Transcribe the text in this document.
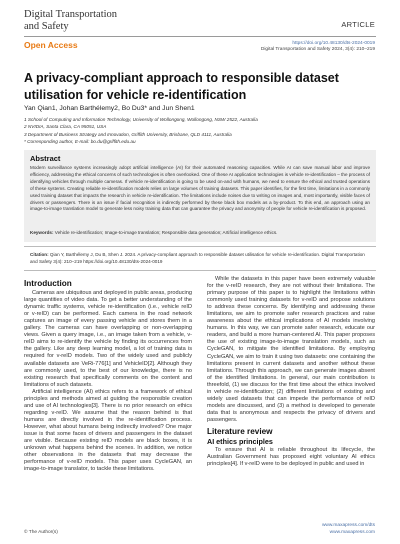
Digital Transportation
and Safety	ARTICLE
Open Access	https://doi.org/10.48130/dts-2024-0019
Digital Transportation and Safety 2024, 3(4): 210–219
A privacy-compliant approach to responsible dataset utilisation for vehicle re-identification
Yan Qian1, Johan Barthélemy2, Bo Du3* and Jun Shen1
1 School of Computing and Information Technology, University of Wollongong, Wollongong, NSW 2522, Australia
2 NVIDIA, Santa Clara, CA 95051, USA
3 Department of Business Strategy and Innovation, Griffith University, Brisbane, QLD 4111, Australia
* Corresponding author, E-mail: bo.du@griffith.edu.au
Abstract
Modern surveillance systems increasingly adopt artificial intelligence (AI) for their automated reasoning capacities. While AI can save manual labor and improve efficiency, addressing the ethical concerns of such technologies is often overlooked. One of these AI application technologies is vehicle re-identification – the process of identifying vehicles through multiple cameras. If vehicle re-identification is going to be used on-and with humans, we need to ensure the ethical and trusted operations of these systems. Creating reliable re-identification models relies on large volumes of training datasets. This paper identifies, for the first time, limitations in a commonly used training dataset that impacts the research in vehicle re-identification. The limitations include noises due to writing on images and, most importantly, visible faces of drivers or passengers. There is an issue if facial recognition is indirectly performed by these black box models as a by-product. To this end, an approach using an image-to-image translation model to generate less noisy training data that can guarantee the privacy and anonymity of people for vehicle re-identification is proposed.
Keywords: Vehicle re-identification; Image-to-image translation; Responsible data generation; Artificial intelligence ethics.
Citation: Qian Y, Barthélemy J, Du B, Shen J. 2024. A privacy-compliant approach to responsible dataset utilisation for vehicle re-identification. Digital Transportation and Safety 3(4): 210−219 https://doi.org/10.48130/dts-2024-0019
Introduction
Cameras are ubiquitous and deployed in public areas, producing large quantities of video data. To get a better understanding of the dynamic traffic systems, vehicle re-identification (i.e., vehicle reID or v-reID) can be performed. Each camera in the road network captures an image of every passing vehicle and stores them in a gallery. The cameras can have overlapping or non-overlapping views. Given a query image, i.e., an image taken from a vehicle, v-reID aims to re-identify the vehicle by finding its occurrences from the gallery. Like any deep learning model, a lot of training data is required for v-reID models. Two of the widely used and publicly available datasets are VeRi-776[1] and VehicleID[2]. Although they are commonly used, to the best of our knowledge, there is no existing research that specifically comments on the content and limitations of such datasets.
Artificial intelligence (AI) ethics refers to a framework of ethical principles and methods aimed at guiding the responsible creation and use of AI technologies[3]. There is no prior research on ethics regarding v-reID. We assume that the reason behind is that humans are directly involved in the re-identification process. However, what about humans being indirectly involved? One major issue is that some faces of drivers and passengers in the dataset are visible. Because existing reID models are black boxes, it is unknown what happens behind the scenes. In addition, we notice other observations in the datasets that may decrease the performance of v-reID models. This paper uses CycleGAN, an image-to-image translator, to tackle these limitations.
While the datasets in this paper have been extremely valuable for the v-reID research, they are not without their limitations. The primary purpose of this paper is to highlight the limitations within commonly used training datasets for v-reID and propose solutions to address these concerns. By identifying and addressing these limitations, we aim to promote safer research practices and raise awareness about the ethical implications of AI models involving humans. In this way, we can promote safer research, educate our readers, and build a more human-centered AI. This paper proposes the use of existing image-to-image translation models, such as CycleGAN, to mitigate the identified limitations. By employing CycleGAN, we aim to train it using two datasets: one containing the limitations present in current datasets and another without these limitations. Through this approach, we can generate images absent of the identified limitations. In general, our main contribution is threefold, (1) we discuss for the first time about the ethics involved in vehicle re-identification; (2) different limitations of existing and widely used datasets that can impede the performance of reID models are discussed, and (3) a method is developed to generate data that is anonymous and respects the privacy of drivers and passengers.
Literature review
AI ethics principles
To ensure that AI is reliable throughout its lifecycle, the Australian Government has proposed eight voluntary AI ethics principles[4]. If v-reID were to be deployed in public and used in
© The Author(s)
www.maxapress.com/dts
www.maxapress.com
